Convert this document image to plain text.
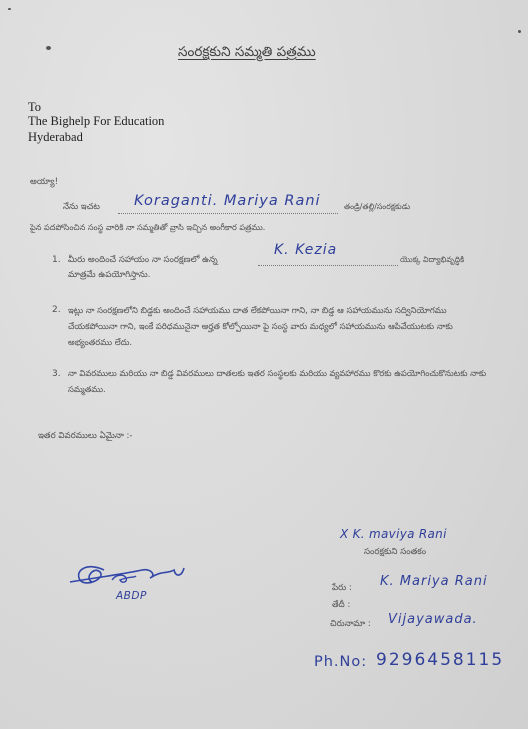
సంరక్షకుని సమ్మతి పత్రము
To
The Bighelp For Education
Hyderabad
అయ్యా!
నేను ఇచట Koraganti. Mariya Rani	తండ్రి/తల్లి/సంరక్షకుడు
పైన పదపోసించిన సంస్థ వారికి నా సమ్మతితో వ్రాసి ఇచ్చిన అంగీకార పత్రము.
1. మీరు అందించే సహాయం నా సంరక్షణలో ఉన్న
K. Kezia
యొక్క విద్యాభివృద్ధికి
మాత్రమే ఉపయోగిస్తాను.
2. ఇట్లు నా సంరక్షణలోని బిడ్డకు అందించే సహాయము దాత లేకపోయినా గాని, నా బిడ్డ ఆ సహాయమును సద్వినియోగము చేయకపోయినా గాని, ఇంకే పరిధమునైనా అర్హత కోల్పోయినా పై సంస్థ వారు మధ్యలో సహాయమును ఆపివేయుటకు నాకు అభ్యంతరము లేదు.
3. నా వివరములు మరియు నా బిడ్డ వివరములు దాతలకు ఇతర సంస్థలకు మరియు వ్యవహారము కొరకు ఉపయోగించుకొనుటకు నాకు సమ్మతము.
ఇతర వివరములు ఏమైనా :-
ABDP
X K. maviya Rani
సంరక్షకుని సంతకం
పేరు : K. Mariya Rani
తేదీ :
చిరునామా : Vijayawada.
Ph.No: 9296458115
